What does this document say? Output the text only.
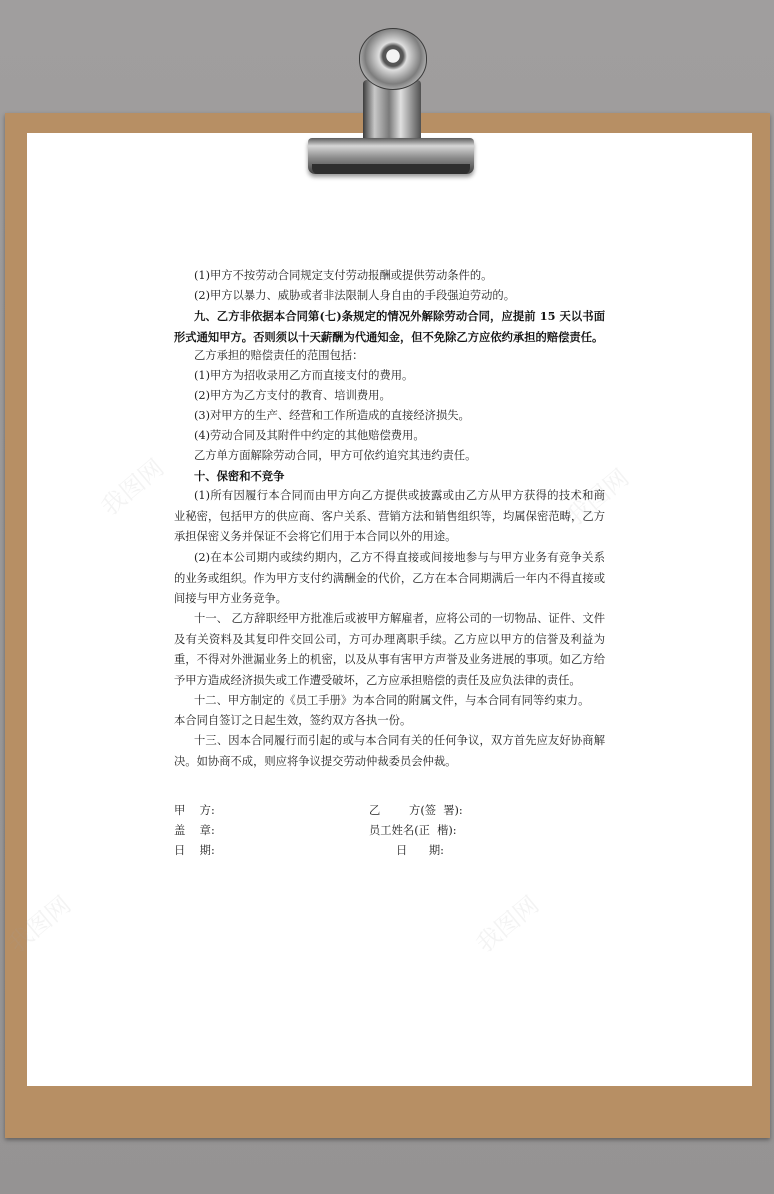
我图网	我图网
我图网	我图网

(1)甲方不按劳动合同规定支付劳动报酬或提供劳动条件的。

(2)甲方以暴力、威胁或者非法限制人身自由的手段强迫劳动的。

九、乙方非依据本合同第(七)条规定的情况外解除劳动合同，应提前 15 天以书面形式通知甲方。否则须以十天薪酬为代通知金，但不免除乙方应依约承担的赔偿责任。

乙方承担的赔偿责任的范围包括：

(1)甲方为招收录用乙方而直接支付的费用。

(2)甲方为乙方支付的教育、培训费用。

(3)对甲方的生产、经营和工作所造成的直接经济损失。

(4)劳动合同及其附件中约定的其他赔偿费用。

乙方单方面解除劳动合同，甲方可依约追究其违约责任。

十、保密和不竞争

(1)所有因履行本合同而由甲方向乙方提供或披露或由乙方从甲方获得的技术和商业秘密，包括甲方的供应商、客户关系、营销方法和销售组织等，均属保密范畴，乙方承担保密义务并保证不会将它们用于本合同以外的用途。

(2)在本公司期内或续约期内，乙方不得直接或间接地参与与甲方业务有竞争关系的业务或组织。作为甲方支付约满酬金的代价，乙方在本合同期满后一年内不得直接或间接与甲方业务竞争。

十一、 乙方辞职经甲方批准后或被甲方解雇者，应将公司的一切物品、证件、文件及有关资料及其复印件交回公司，方可办理离职手续。乙方应以甲方的信誉及利益为重，不得对外泄漏业务上的机密，以及从事有害甲方声誉及业务进展的事项。如乙方给予甲方造成经济损失或工作遭受破坏，乙方应承担赔偿的责任及应负法律的责任。

十二、甲方制定的《员工手册》为本合同的附属文件，与本合同有同等约束力。

本合同自签订之日起生效，签约双方各执一份。

十三、因本合同履行而引起的或与本合同有关的任何争议，双方首先应友好协商解决。如协商不成，则应将争议提交劳动仲裁委员会仲裁。

甲    方:
盖    章:
日    期:
乙        方(签  署):
员工姓名(正  楷):
日      期:
